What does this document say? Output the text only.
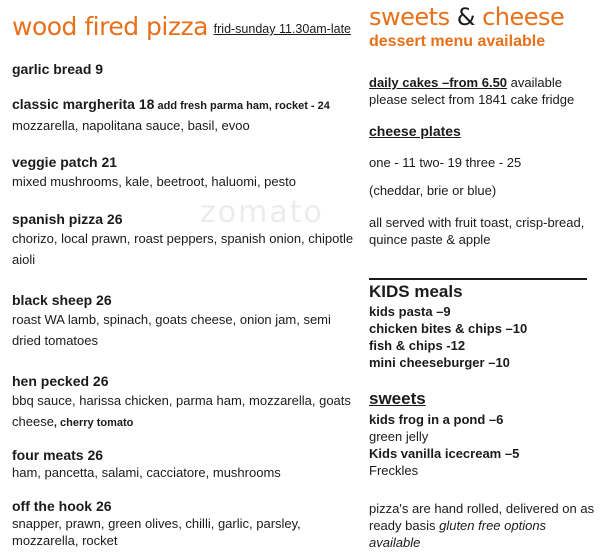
zomato
wood fired pizza frid-sunday 11.30am-late
garlic bread 9
classic margherita 18 add fresh parma ham, rocket - 24
mozzarella, napolitana sauce, basil, evoo
veggie patch 21
mixed mushrooms, kale, beetroot, haluomi, pesto
spanish pizza 26
chorizo, local prawn, roast peppers, spanish onion, chipotle aioli
black sheep 26
roast WA lamb, spinach, goats cheese, onion jam, semi dried tomatoes
hen pecked 26
bbq sauce, harissa chicken, parma ham, mozzarella, goats cheese, cherry tomato
four meats 26
ham, pancetta, salami, cacciatore, mushrooms
off the hook 26
snapper, prawn, green olives, chilli, garlic, parsley, mozzarella, rocket
sweets & cheese
dessert menu available
daily cakes –from 6.50 available please select from 1841 cake fridge
cheese plates
one - 11 two- 19 three - 25
(cheddar, brie or blue)
all served with fruit toast, crisp-bread, quince paste & apple
KIDS meals
kids pasta –9
chicken bites & chips –10
fish & chips -12
mini cheeseburger –10
sweets
kids frog in a pond –6
green jelly
Kids vanilla icecream –5
Freckles
pizza's are hand rolled, delivered on as ready basis gluten free options available
